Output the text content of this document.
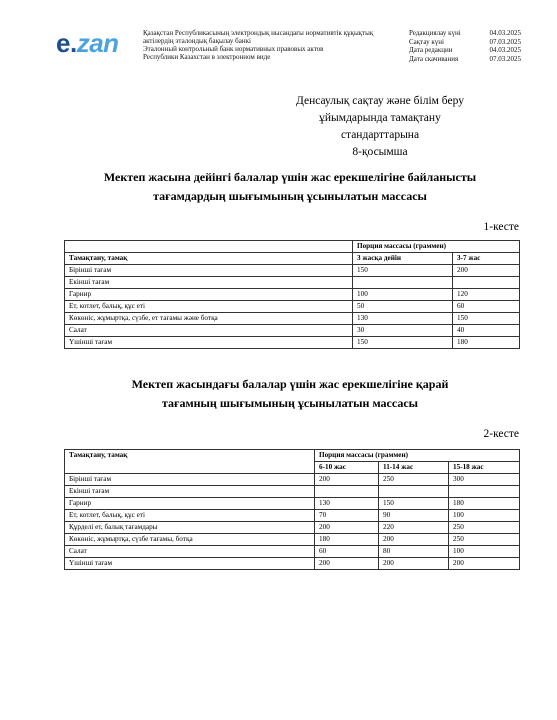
e.zan	Қазақстан Республикасының электрондық нысандағы нормативтік құқықтық
актілердің эталондық бақылау банкі
Эталонный контрольный банк нормативных правовых актов
Республики Казахстан в электронном виде
Редакциялау күні	04.03.2025
Сақтау күні	07.03.2025
Дата редакции	04.03.2025
Дата скачивания	07.03.2025
Денсаулық сақтау және білім беру
ұйымдарында тамақтану
стандарттарына
8-қосымша
Мектеп жасына дейінгі балалар үшін жас ерекшелігіне байланысты
тағамдардың шығымының ұсынылатын массасы
1-кесте
	Порция массасы (граммен)	
Тамақтану, тамақ	3 жасқа дейін	3-7 жас
Бірінші тағам	150	200
Екінші тағам		
Гарнир	100	120
Ет, котлет, балық, құс еті	50	60
Көкөніс, жұмыртқа, сүзбе, ет тағамы және ботқа	130	150
Салат	30	40
Үшінші тағам	150	180
Мектеп жасындағы балалар үшін жас ерекшелігіне қарай
тағамның шығымының ұсынылатын массасы
2-кесте
Тамақтану, тамақ	Порция массасы (граммен)		
	6-10 жас	11-14 жас	15-18 жас
Бірінші тағам	200	250	300
Екінші тағам			
Гарнир	130	150	180
Ет, котлет, балық, құс еті	70	90	100
Құрделі ет, балық тағамдары	200	220	250
Көкөніс, жұмыртқа, сүзбе тағамы, ботқа	180	200	250
Салат	60	80	100
Үшінші тағам	200	200	200
